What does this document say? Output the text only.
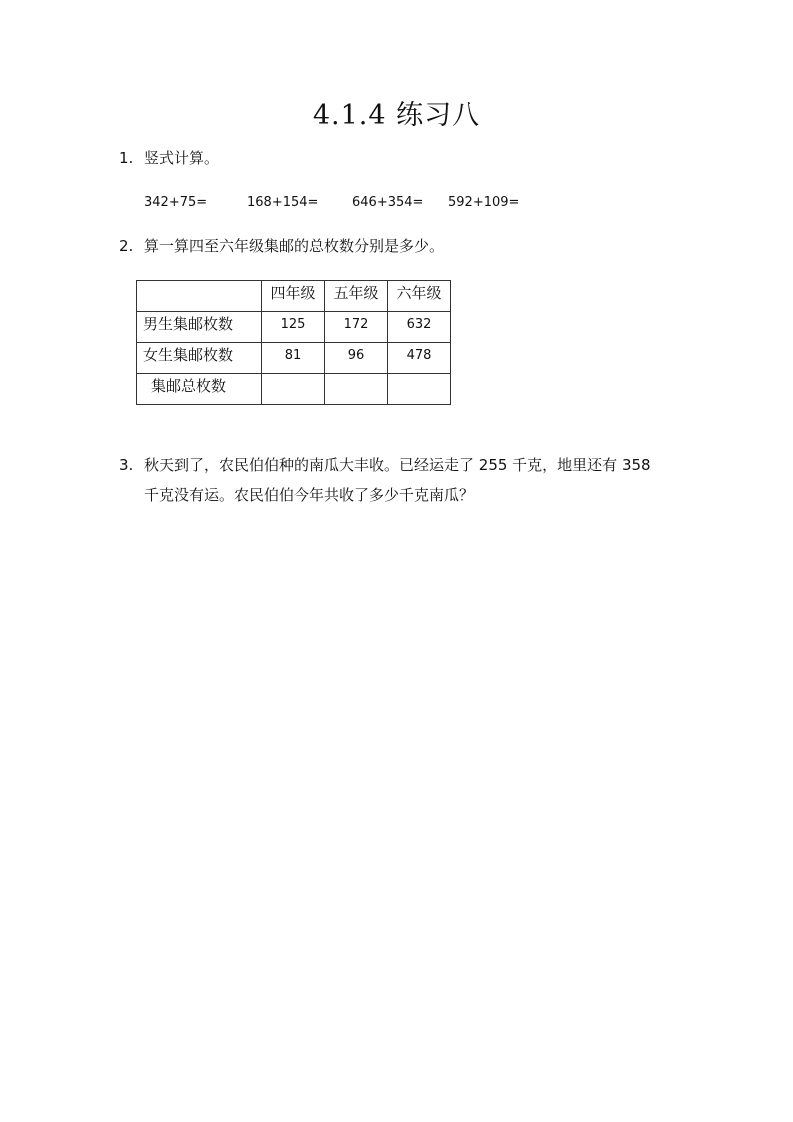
4.1.4 练习八
1. 竖式计算。
342+75=	168+154=	646+354= 592+109=
2. 算一算四至六年级集邮的总枚数分别是多少。
	四年级	五年级	六年级
男生集邮枚数	125	172	632
女生集邮枚数	81	96	478
集邮总枚数			
3. 秋天到了，农民伯伯种的南瓜大丰收。已经运走了 255 千克，地里还有 358
千克没有运。农民伯伯今年共收了多少千克南瓜？
